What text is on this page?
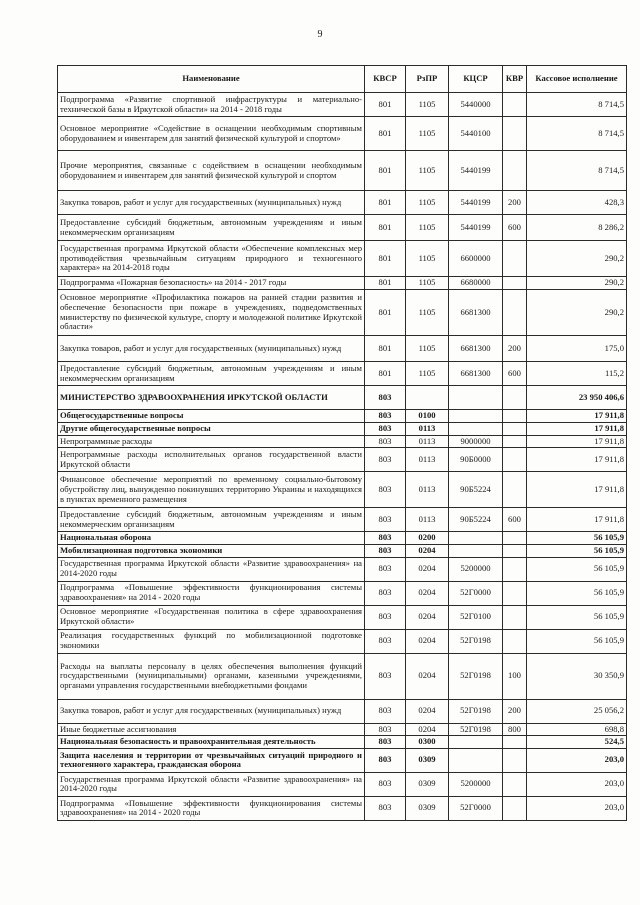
9
Наименование	КВСР	РзПР	КЦСР	КВР	Кассовое исполнение
Подпрограмма «Развитие спортивной инфраструктуры и материально-технической базы в Иркутской области» на 2014 - 2018 годы	801	1105	5440000		8 714,5
Основное мероприятие «Содействие в оснащении необходимым спортивным оборудованием и инвентарем для занятий физической культурой и спортом»	801	1105	5440100		8 714,5
Прочие мероприятия, связанные с содействием в оснащении необходимым оборудованием и инвентарем для занятий физической культурой и спортом	801	1105	5440199		8 714,5
Закупка товаров, работ и услуг для государственных (муниципальных) нужд	801	1105	5440199	200	428,3
Предоставление субсидий бюджетным, автономным учреждениям и иным некоммерческим организациям	801	1105	5440199	600	8 286,2
Государственная программа Иркутской области «Обеспечение комплексных мер противодействия чрезвычайным ситуациям природного и техногенного характера» на 2014-2018 годы	801	1105	6600000		290,2
Подпрограмма «Пожарная безопасность» на 2014 - 2017 годы	801	1105	6680000		290,2
Основное мероприятие «Профилактика пожаров на ранней стадии развития и обеспечение безопасности при пожаре в учреждениях, подведомственных министерству по физической культуре, спорту и молодежной политике Иркутской области»	801	1105	6681300		290,2
Закупка товаров, работ и услуг для государственных (муниципальных) нужд	801	1105	6681300	200	175,0
Предоставление субсидий бюджетным, автономным учреждениям и иным некоммерческим организациям	801	1105	6681300	600	115,2
МИНИСТЕРСТВО ЗДРАВООХРАНЕНИЯ ИРКУТСКОЙ ОБЛАСТИ	803				23 950 406,6
Общегосударственные вопросы	803	0100			17 911,8
Другие общегосударственные вопросы	803	0113			17 911,8
Непрограммные расходы	803	0113	9000000		17 911,8
Непрограммные расходы исполнительных органов государственной власти Иркутской области	803	0113	90Б0000		17 911,8
Финансовое обеспечение мероприятий по временному социально-бытовому обустройству лиц, вынужденно покинувших территорию Украины и находящихся в пунктах временного размещения	803	0113	90Б5224		17 911,8
Предоставление субсидий бюджетным, автономным учреждениям и иным некоммерческим организациям	803	0113	90Б5224	600	17 911,8
Национальная оборона	803	0200			56 105,9
Мобилизационная подготовка экономики	803	0204			56 105,9
Государственная программа Иркутской области «Развитие здравоохранения» на 2014-2020 годы	803	0204	5200000		56 105,9
Подпрограмма «Повышение эффективности функционирования системы здравоохранения» на 2014 - 2020 годы	803	0204	52Г0000		56 105,9
Основное мероприятие «Государственная политика в сфере здравоохранения Иркутской области»	803	0204	52Г0100		56 105,9
Реализация государственных функций по мобилизационной подготовке экономики	803	0204	52Г0198		56 105,9
Расходы на выплаты персоналу в целях обеспечения выполнения функций государственными (муниципальными) органами, казенными учреждениями, органами управления государственными внебюджетными фондами	803	0204	52Г0198	100	30 350,9
Закупка товаров, работ и услуг для государственных (муниципальных) нужд	803	0204	52Г0198	200	25 056,2
Иные бюджетные ассигнования	803	0204	52Г0198	800	698,8
Национальная безопасность и правоохранительная деятельность	803	0300			524,5
Защита населения и территории от чрезвычайных ситуаций природного и техногенного характера, гражданская оборона	803	0309			203,0
Государственная программа Иркутской области «Развитие здравоохранения» на 2014-2020 годы	803	0309	5200000		203,0
Подпрограмма «Повышение эффективности функционирования системы здравоохранения» на 2014 - 2020 годы	803	0309	52Г0000		203,0
